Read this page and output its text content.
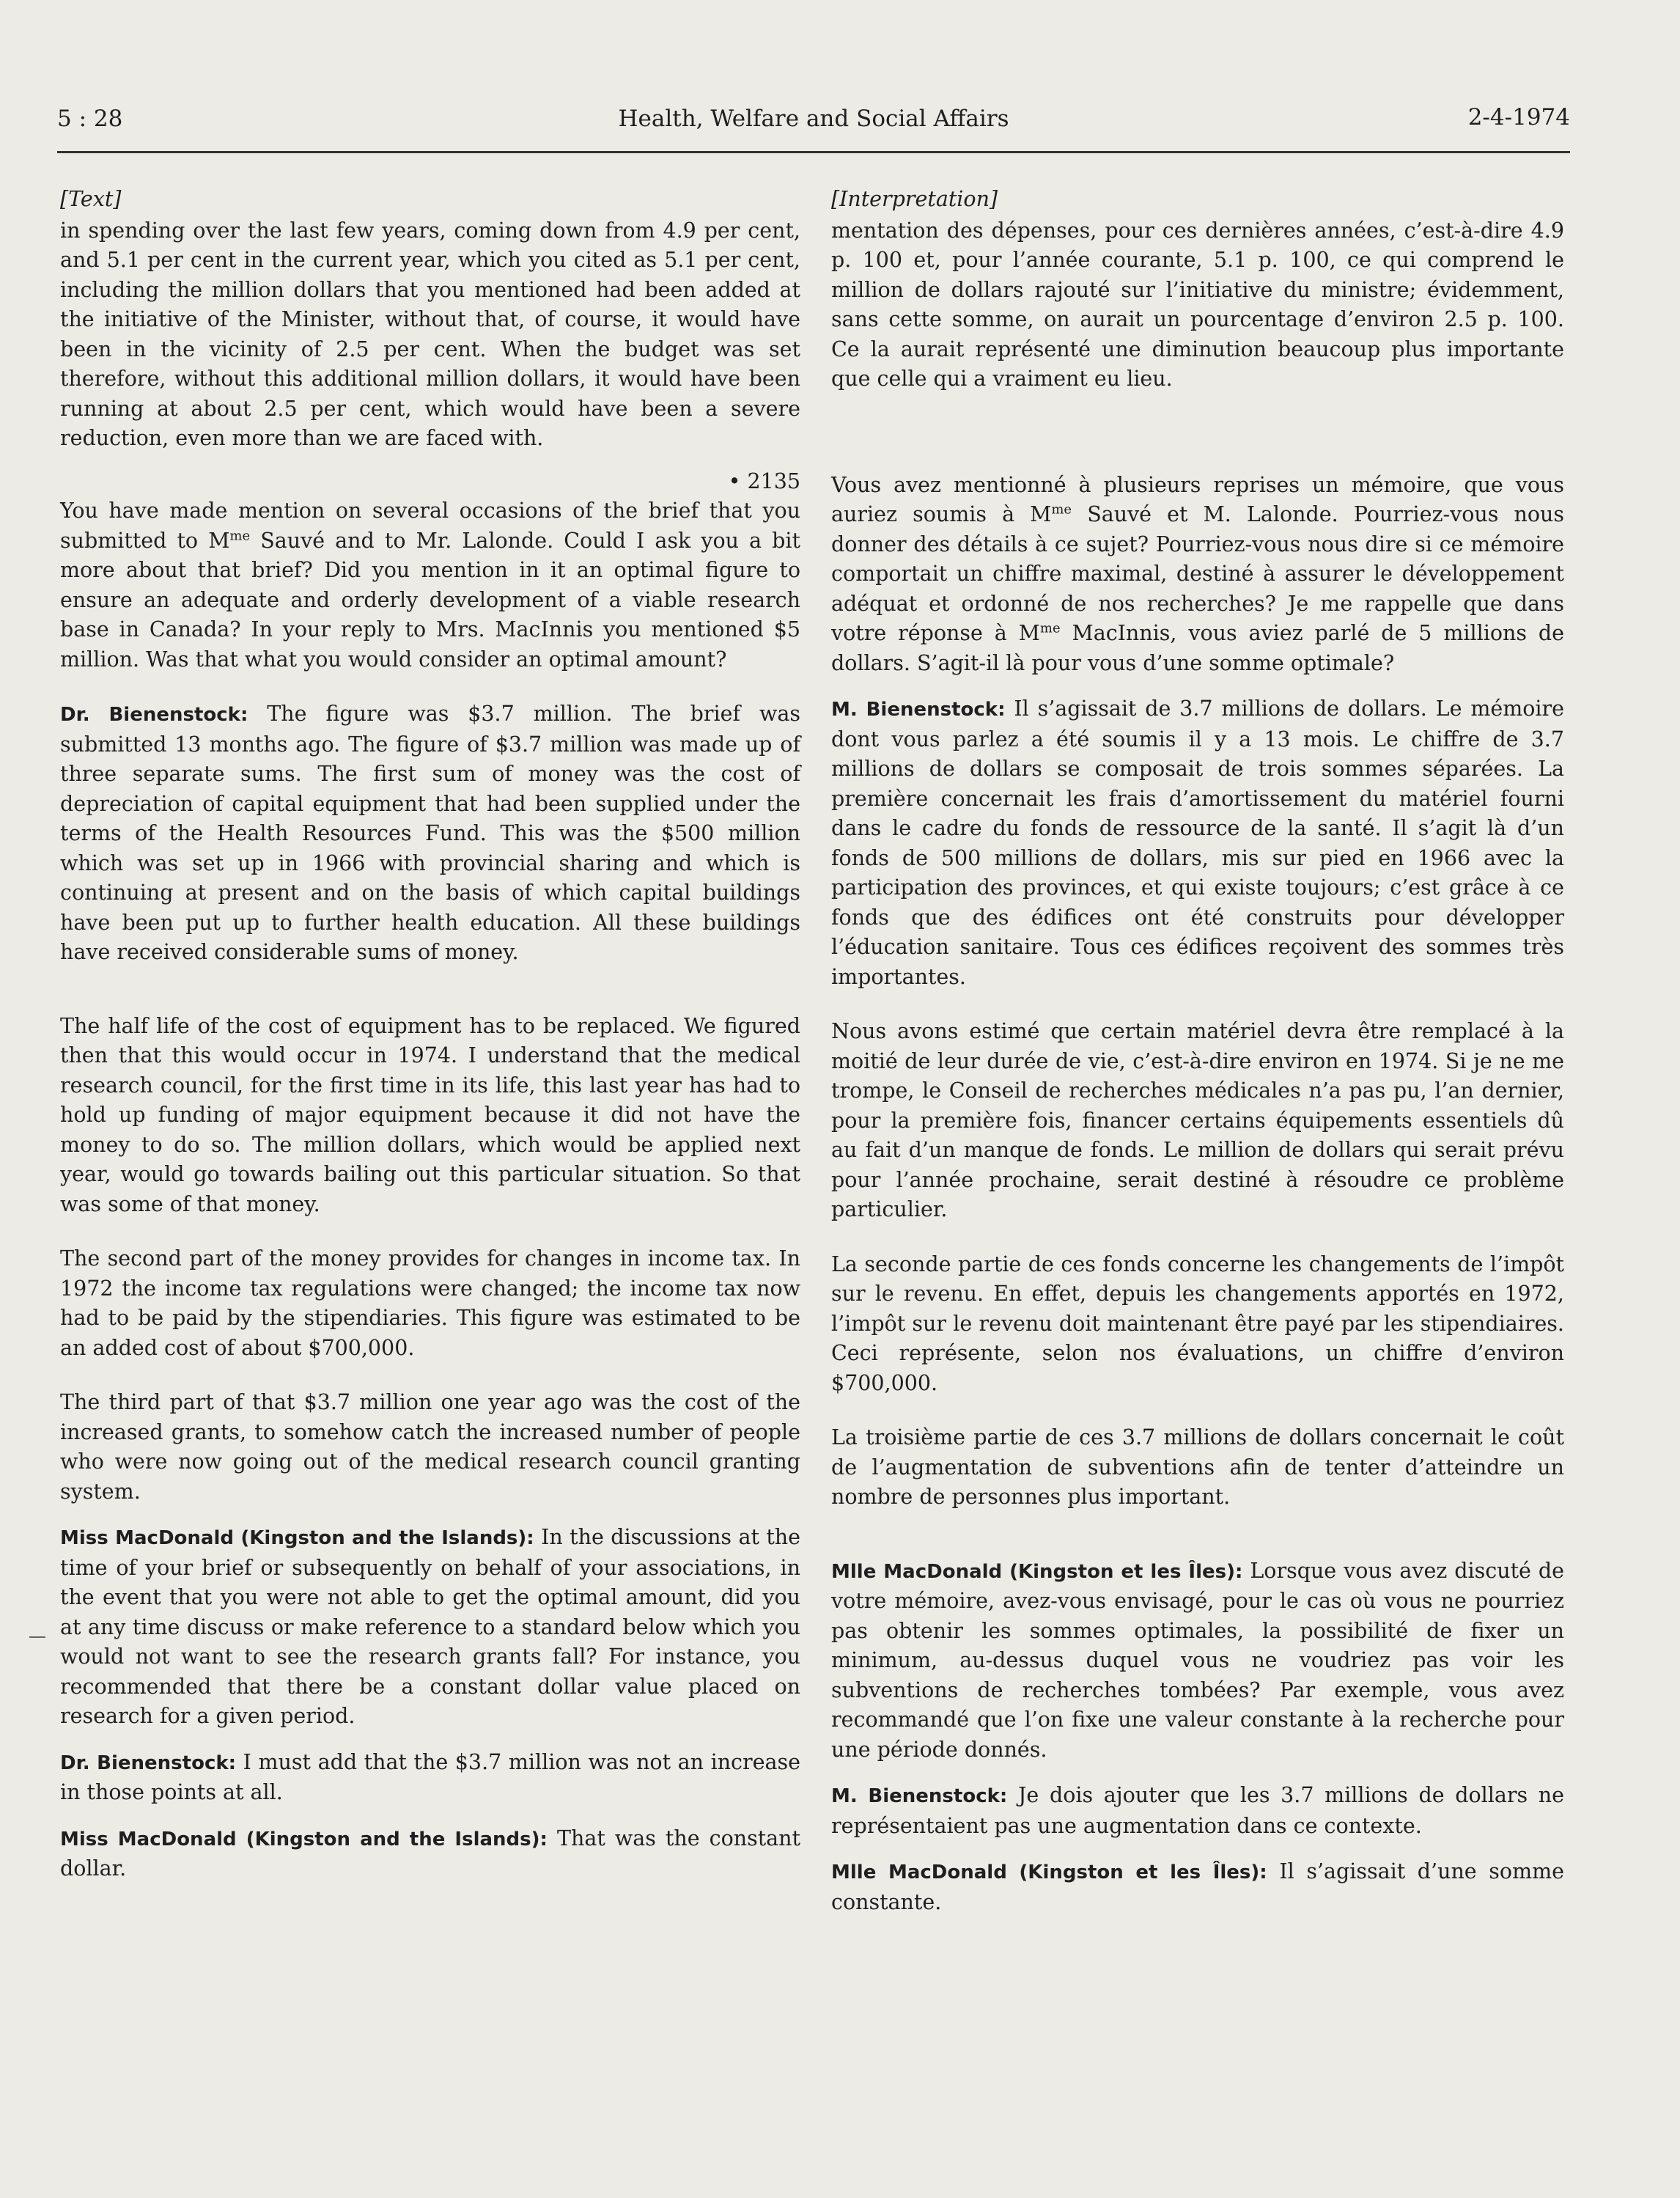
5 : 28	Health, Welfare and Social Affairs	2-4-1974
[Text]

in spending over the last few years, coming down from 4.9 per cent, and 5.1 per cent in the current year, which you cited as 5.1 per cent, including the million dollars that you mentioned had been added at the initiative of the Minister, without that, of course, it would have been in the vicinity of 2.5 per cent. When the budget was set therefore, without this additional million dollars, it would have been running at about 2.5 per cent, which would have been a severe reduction, even more than we are faced with.

• 2135

You have made mention on several occasions of the brief that you submitted to $M^{me}$ Sauvé and to Mr. Lalonde. Could I ask you a bit more about that brief? Did you mention in it an optimal figure to ensure an adequate and orderly development of a viable research base in Canada? In your reply to Mrs. MacInnis you mentioned $5 million. Was that what you would consider an optimal amount?

Dr. Bienenstock: The figure was $3.7 million. The brief was submitted 13 months ago. The figure of $3.7 million was made up of three separate sums. The first sum of money was the cost of depreciation of capital equipment that had been supplied under the terms of the Health Resources Fund. This was the $500 million which was set up in 1966 with provincial sharing and which is continuing at present and on the basis of which capital buildings have been put up to further health education. All these buildings have received considerable sums of money.

The half life of the cost of equipment has to be replaced. We figured then that this would occur in 1974. I understand that the medical research council, for the first time in its life, this last year has had to hold up funding of major equipment because it did not have the money to do so. The million dollars, which would be applied next year, would go towards bailing out this particular situation. So that was some of that money.

The second part of the money provides for changes in income tax. In 1972 the income tax regulations were changed; the income tax now had to be paid by the stipendiaries. This figure was estimated to be an added cost of about $700,000.

The third part of that $3.7 million one year ago was the cost of the increased grants, to somehow catch the increased number of people who were now going out of the medical research council granting system.

Miss MacDonald (Kingston and the Islands): In the discussions at the time of your brief or subsequently on behalf of your associations, in the event that you were not able to get the optimal amount, did you at any time discuss or make reference to a standard below which you would not want to see the research grants fall? For instance, you recommended that there be a constant dollar value placed on research for a given period.

Dr. Bienenstock: I must add that the $3.7 million was not an increase in those points at all.

Miss MacDonald (Kingston and the Islands): That was the constant dollar.

[Interpretation]

mentation des dépenses, pour ces dernières années, c’est-à-dire 4.9 p. 100 et, pour l’année courante, 5.1 p. 100, ce qui comprend le million de dollars rajouté sur l’initiative du ministre; évidemment, sans cette somme, on aurait un pourcentage d’environ 2.5 p. 100. Ce la aurait représenté une diminution beaucoup plus importante que celle qui a vraiment eu lieu.

Vous avez mentionné à plusieurs reprises un mémoire, que vous auriez soumis à $M^{me}$ Sauvé et M. Lalonde. Pourriez-vous nous donner des détails à ce sujet? Pourriez-vous nous dire si ce mémoire comportait un chiffre maximal, destiné à assurer le développement adéquat et ordonné de nos recherches? Je me rappelle que dans votre réponse à $M^{me}$ MacInnis, vous aviez parlé de 5 millions de dollars. S’agit-il là pour vous d’une somme optimale?

M. Bienenstock: Il s’agissait de 3.7 millions de dollars. Le mémoire dont vous parlez a été soumis il y a 13 mois. Le chiffre de 3.7 millions de dollars se composait de trois sommes séparées. La première concernait les frais d’amortissement du matériel fourni dans le cadre du fonds de ressource de la santé. Il s’agit là d’un fonds de 500 millions de dollars, mis sur pied en 1966 avec la participation des provinces, et qui existe toujours; c’est grâce à ce fonds que des édifices ont été construits pour développer l’éducation sanitaire. Tous ces édifices reçoivent des sommes très importantes.

Nous avons estimé que certain matériel devra être remplacé à la moitié de leur durée de vie, c’est-à-dire environ en 1974. Si je ne me trompe, le Conseil de recherches médicales n’a pas pu, l’an dernier, pour la première fois, financer certains équipements essentiels dû au fait d’un manque de fonds. Le million de dollars qui serait prévu pour l’année prochaine, serait destiné à résoudre ce problème particulier.

La seconde partie de ces fonds concerne les changements de l’impôt sur le revenu. En effet, depuis les changements apportés en 1972, l’impôt sur le revenu doit maintenant être payé par les stipendiaires. Ceci représente, selon nos évaluations, un chiffre d’environ $700,000.

La troisième partie de ces 3.7 millions de dollars concernait le coût de l’augmentation de subventions afin de tenter d’atteindre un nombre de personnes plus important.

Mlle MacDonald (Kingston et les Îles): Lorsque vous avez discuté de votre mémoire, avez-vous envisagé, pour le cas où vous ne pourriez pas obtenir les sommes optimales, la possibilité de fixer un minimum, au-dessus duquel vous ne voudriez pas voir les subventions de recherches tombées? Par exemple, vous avez recommandé que l’on fixe une valeur constante à la recherche pour une période donnés.

M. Bienenstock: Je dois ajouter que les 3.7 millions de dollars ne représentaient pas une augmentation dans ce contexte.

Mlle MacDonald (Kingston et les Îles): Il s’agissait d’une somme constante.
